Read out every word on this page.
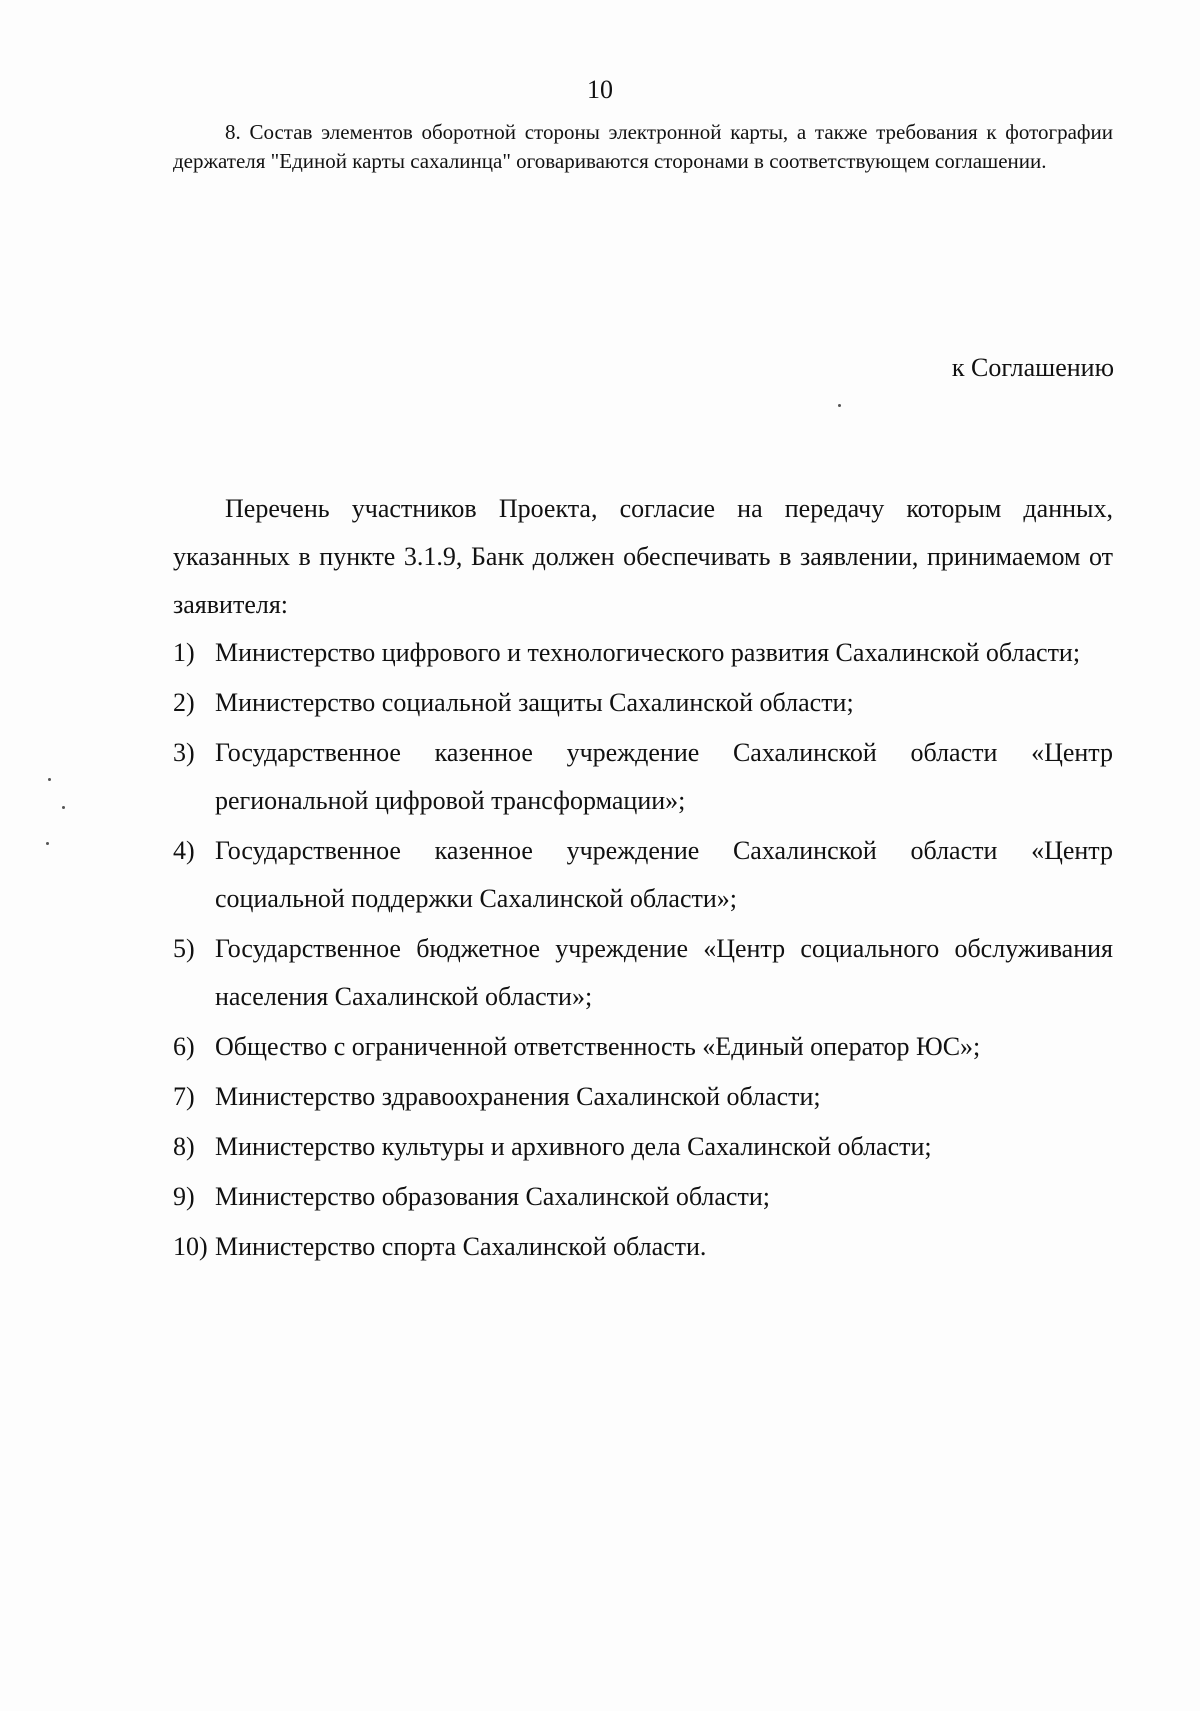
10

8. Состав элементов оборотной стороны электронной карты, а также требования к фотографии держателя "Единой карты сахалинца" оговариваются сторонами в соответствующем соглашении.

к Соглашению

Перечень участников Проекта, согласие на передачу которым данных, указанных в пункте 3.1.9, Банк должен обеспечивать в заявлении, принимаемом от заявителя:

1) Министерство цифрового и технологического развития Сахалинской области;
2) Министерство социальной защиты Сахалинской области;
3) Государственное казенное учреждение Сахалинской области «Центр региональной цифровой трансформации»;
4) Государственное казенное учреждение Сахалинской области «Центр социальной поддержки Сахалинской области»;
5) Государственное бюджетное учреждение «Центр социального обслуживания населения Сахалинской области»;
6) Общество с ограниченной ответственность «Единый оператор ЮС»;
7) Министерство здравоохранения Сахалинской области;
8) Министерство культуры и архивного дела Сахалинской области;
9) Министерство образования Сахалинской области;
10) Министерство спорта Сахалинской области.
